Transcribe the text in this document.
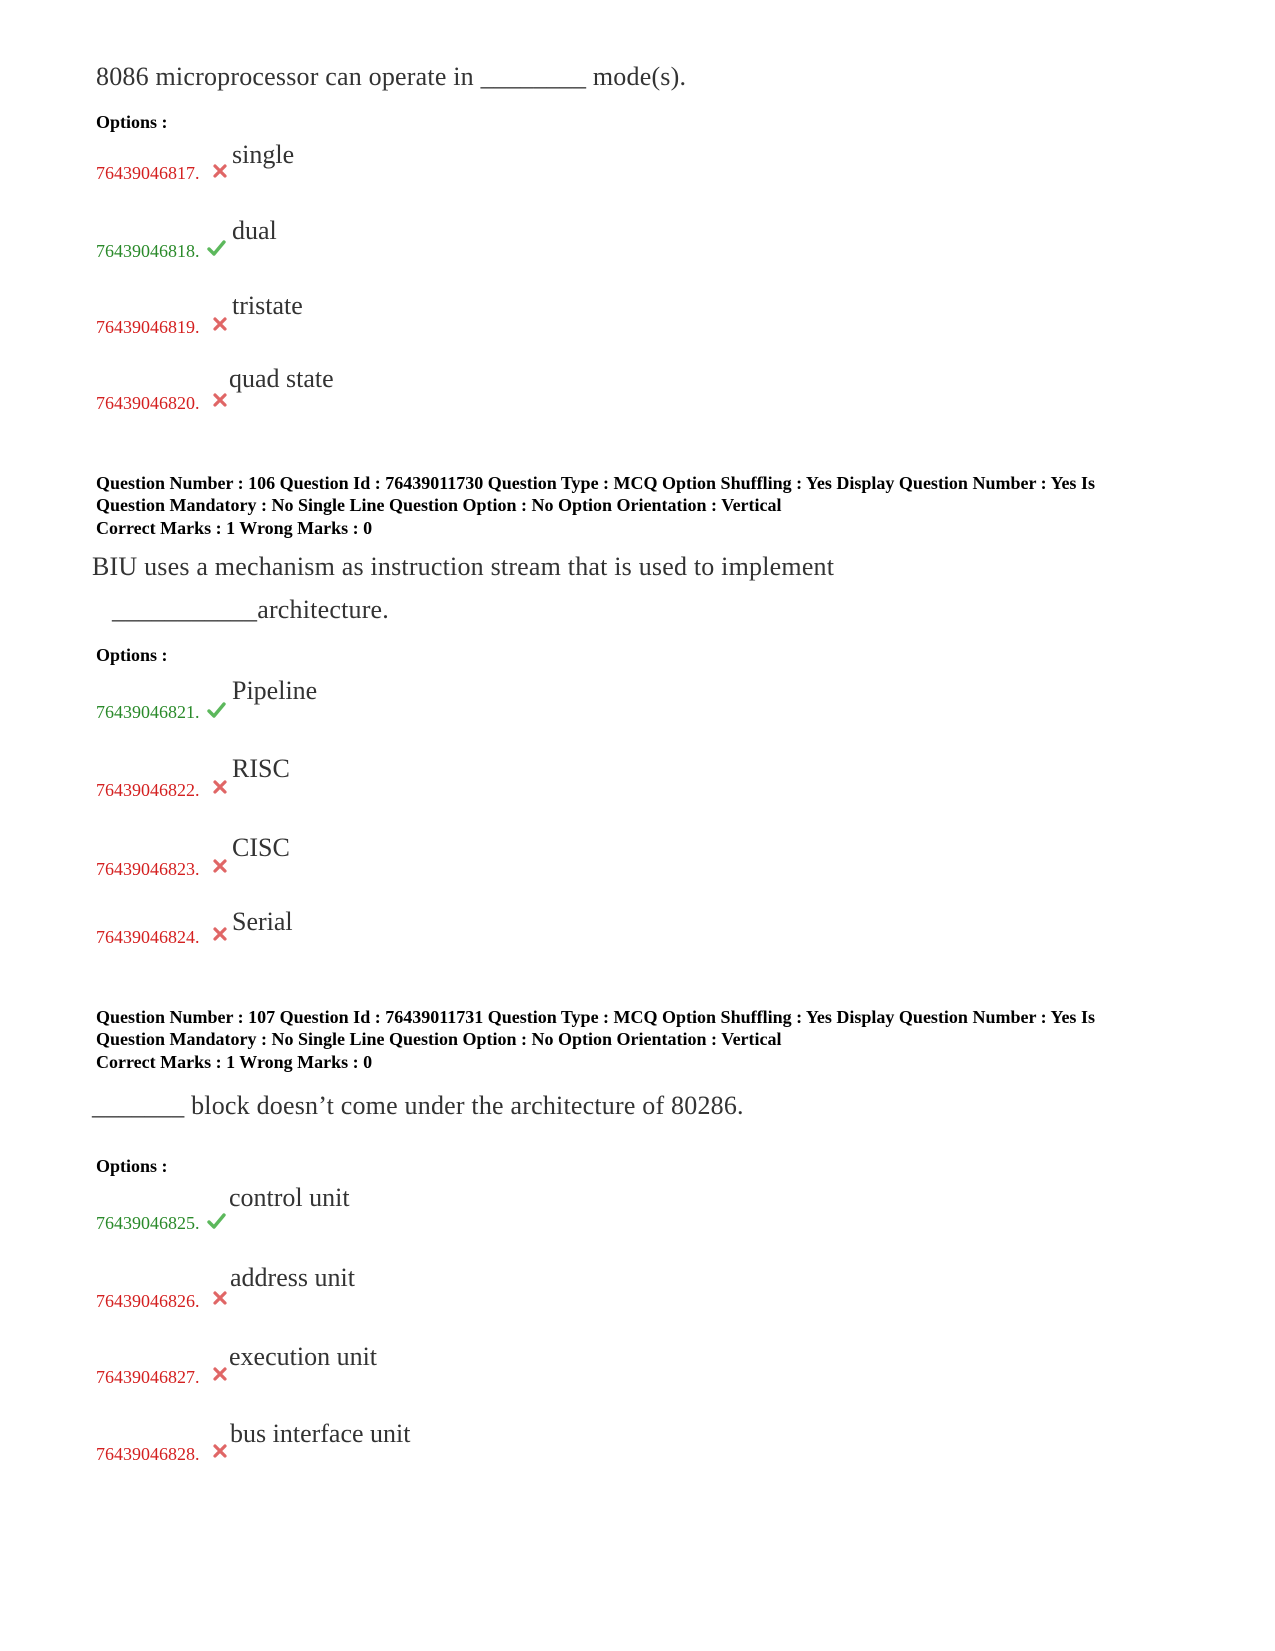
8086 microprocessor can operate in ________ mode(s).
Options :
76439046817.
single
76439046818.
dual
76439046819.
tristate
76439046820.
quad state
Question Number : 106 Question Id : 76439011730 Question Type : MCQ Option Shuffling : Yes Display Question Number : Yes Is
Question Mandatory : No Single Line Question Option : No Option Orientation : Vertical
Correct Marks : 1 Wrong Marks : 0
BIU uses a mechanism as instruction stream that is used to implement
___________architecture.
Options :
76439046821.
Pipeline
76439046822.
RISC
76439046823.
CISC
76439046824.
Serial
Question Number : 107 Question Id : 76439011731 Question Type : MCQ Option Shuffling : Yes Display Question Number : Yes Is
Question Mandatory : No Single Line Question Option : No Option Orientation : Vertical
Correct Marks : 1 Wrong Marks : 0
_______ block doesn’t come under the architecture of 80286.
Options :
76439046825.
control unit
76439046826.
address unit
76439046827.
execution unit
76439046828.
bus interface unit
